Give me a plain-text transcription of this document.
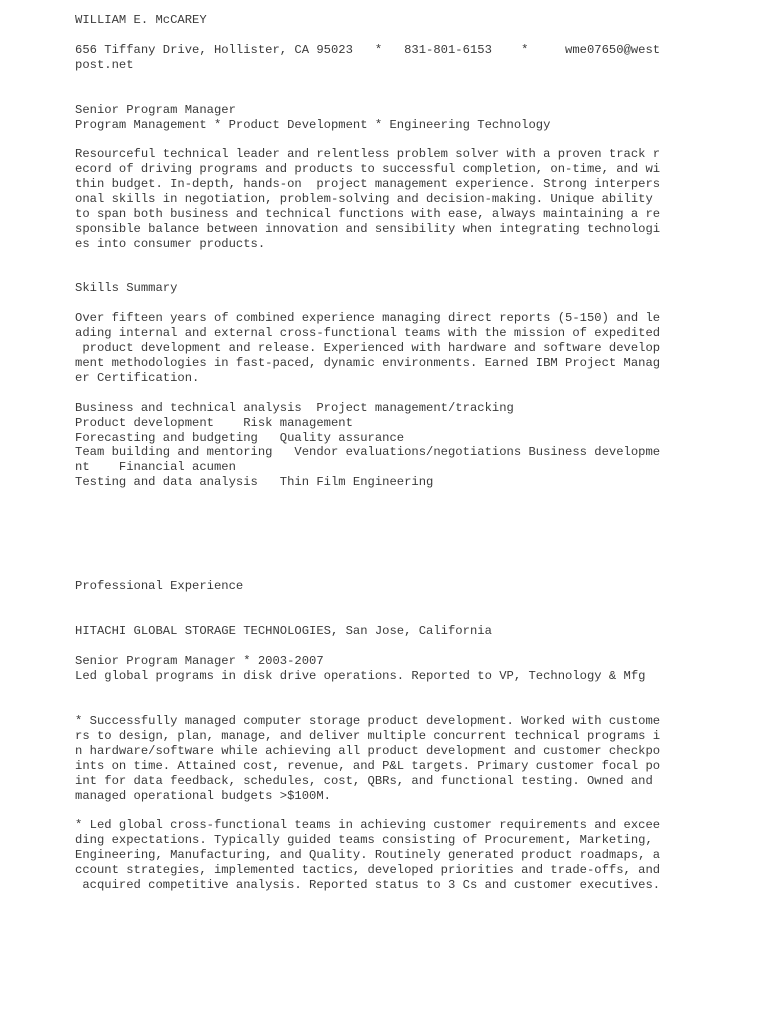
WILLIAM E. McCAREY

656 Tiffany Drive, Hollister, CA 95023   *   831-801-6153    *     wme07650@west

post.net

Senior Program Manager

Program Management * Product Development * Engineering Technology

Resourceful technical leader and relentless problem solver with a proven track r

ecord of driving programs and products to successful completion, on-time, and wi

thin budget. In-depth, hands-on  project management experience. Strong interpers

onal skills in negotiation, problem-solving and decision-making. Unique ability

to span both business and technical functions with ease, always maintaining a re

sponsible balance between innovation and sensibility when integrating technologi

es into consumer products.

Skills Summary

Over fifteen years of combined experience managing direct reports (5-150) and le

ading internal and external cross-functional teams with the mission of expedited

product development and release. Experienced with hardware and software develop

ment methodologies in fast-paced, dynamic environments. Earned IBM Project Manag

er Certification.

Business and technical analysis  Project management/tracking

Product development    Risk management

Forecasting and budgeting   Quality assurance

Team building and mentoring   Vendor evaluations/negotiations Business developme

nt    Financial acumen

Testing and data analysis   Thin Film Engineering

Professional Experience

HITACHI GLOBAL STORAGE TECHNOLOGIES, San Jose, California

Senior Program Manager * 2003-2007

Led global programs in disk drive operations. Reported to VP, Technology & Mfg

* Successfully managed computer storage product development. Worked with custome

rs to design, plan, manage, and deliver multiple concurrent technical programs i

n hardware/software while achieving all product development and customer checkpo

ints on time. Attained cost, revenue, and P&L targets. Primary customer focal po

int for data feedback, schedules, cost, QBRs, and functional testing. Owned and

managed operational budgets >$100M.

* Led global cross-functional teams in achieving customer requirements and excee

ding expectations. Typically guided teams consisting of Procurement, Marketing,

Engineering, Manufacturing, and Quality. Routinely generated product roadmaps, a

ccount strategies, implemented tactics, developed priorities and trade-offs, and

acquired competitive analysis. Reported status to 3 Cs and customer executives.
